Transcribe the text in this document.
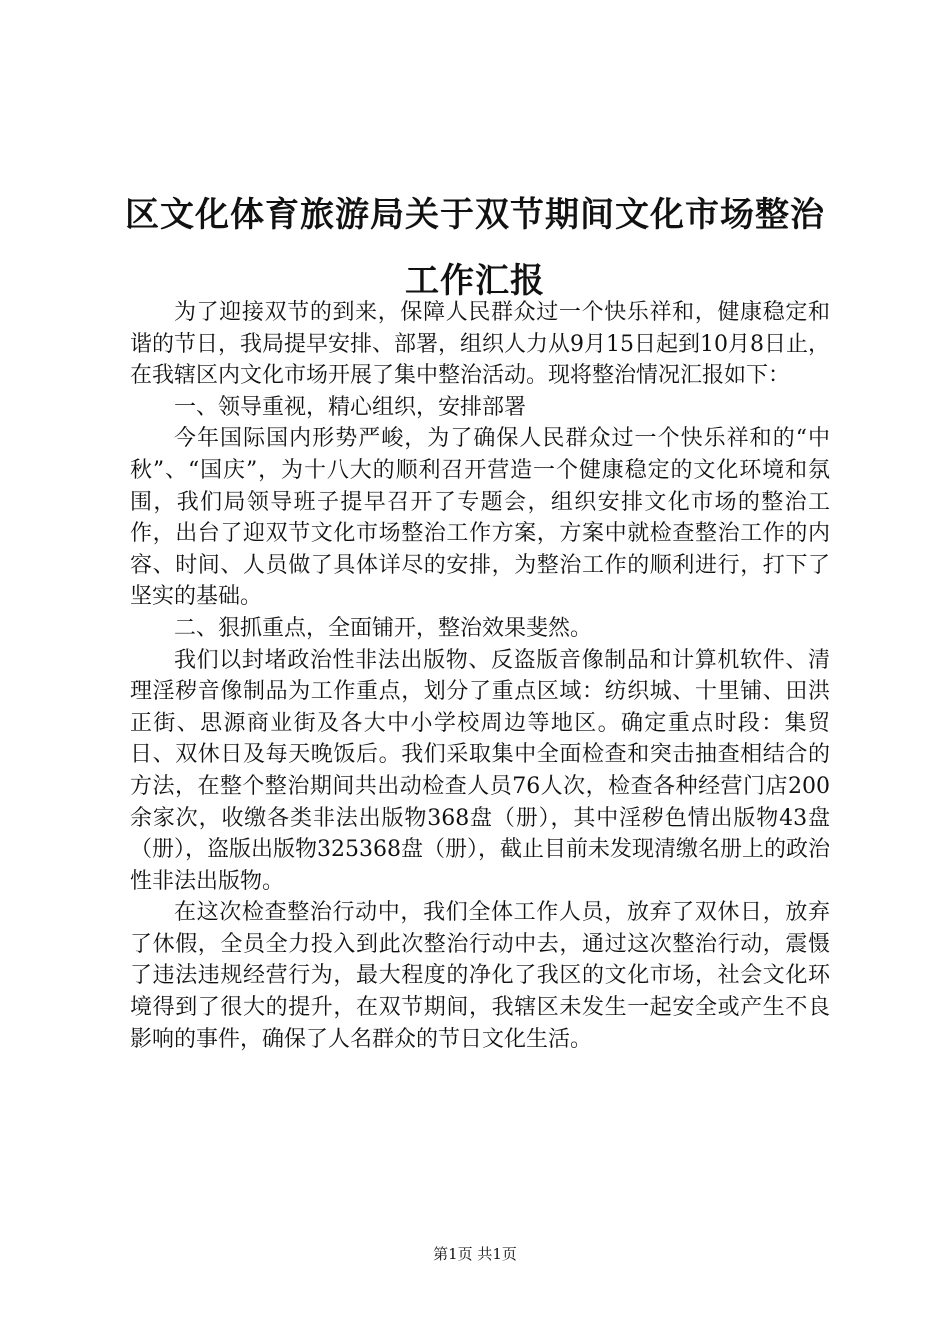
区文化体育旅游局关于双节期间文化市场整治工作汇报

为了迎接双节的到来，保障人民群众过一个快乐祥和，健康稳定和谐的节日，我局提早安排、部署，组织人力从9月15日起到10月8日止，在我辖区内文化市场开展了集中整治活动。现将整治情况汇报如下：

一、领导重视，精心组织，安排部署

今年国际国内形势严峻，为了确保人民群众过一个快乐祥和的“中秋”、“国庆”，为十八大的顺利召开营造一个健康稳定的文化环境和氛围，我们局领导班子提早召开了专题会，组织安排文化市场的整治工作，出台了迎双节文化市场整治工作方案，方案中就检查整治工作的内容、时间、人员做了具体详尽的安排，为整治工作的顺利进行，打下了坚实的基础。

二、狠抓重点，全面铺开，整治效果斐然。

我们以封堵政治性非法出版物、反盗版音像制品和计算机软件、清理淫秽音像制品为工作重点，划分了重点区域：纺织城、十里铺、田洪正街、思源商业街及各大中小学校周边等地区。确定重点时段：集贸日、双休日及每天晚饭后。我们采取集中全面检查和突击抽查相结合的方法，在整个整治期间共出动检查人员76人次，检查各种经营门店200余家次，收缴各类非法出版物368盘（册），其中淫秽色情出版物43盘（册），盗版出版物325368盘（册），截止目前未发现清缴名册上的政治性非法出版物。

在这次检查整治行动中，我们全体工作人员，放弃了双休日，放弃了休假，全员全力投入到此次整治行动中去，通过这次整治行动，震慑了违法违规经营行为，最大程度的净化了我区的文化市场，社会文化环境得到了很大的提升，在双节期间，我辖区未发生一起安全或产生不良影响的事件，确保了人名群众的节日文化生活。

第1页 共1页
